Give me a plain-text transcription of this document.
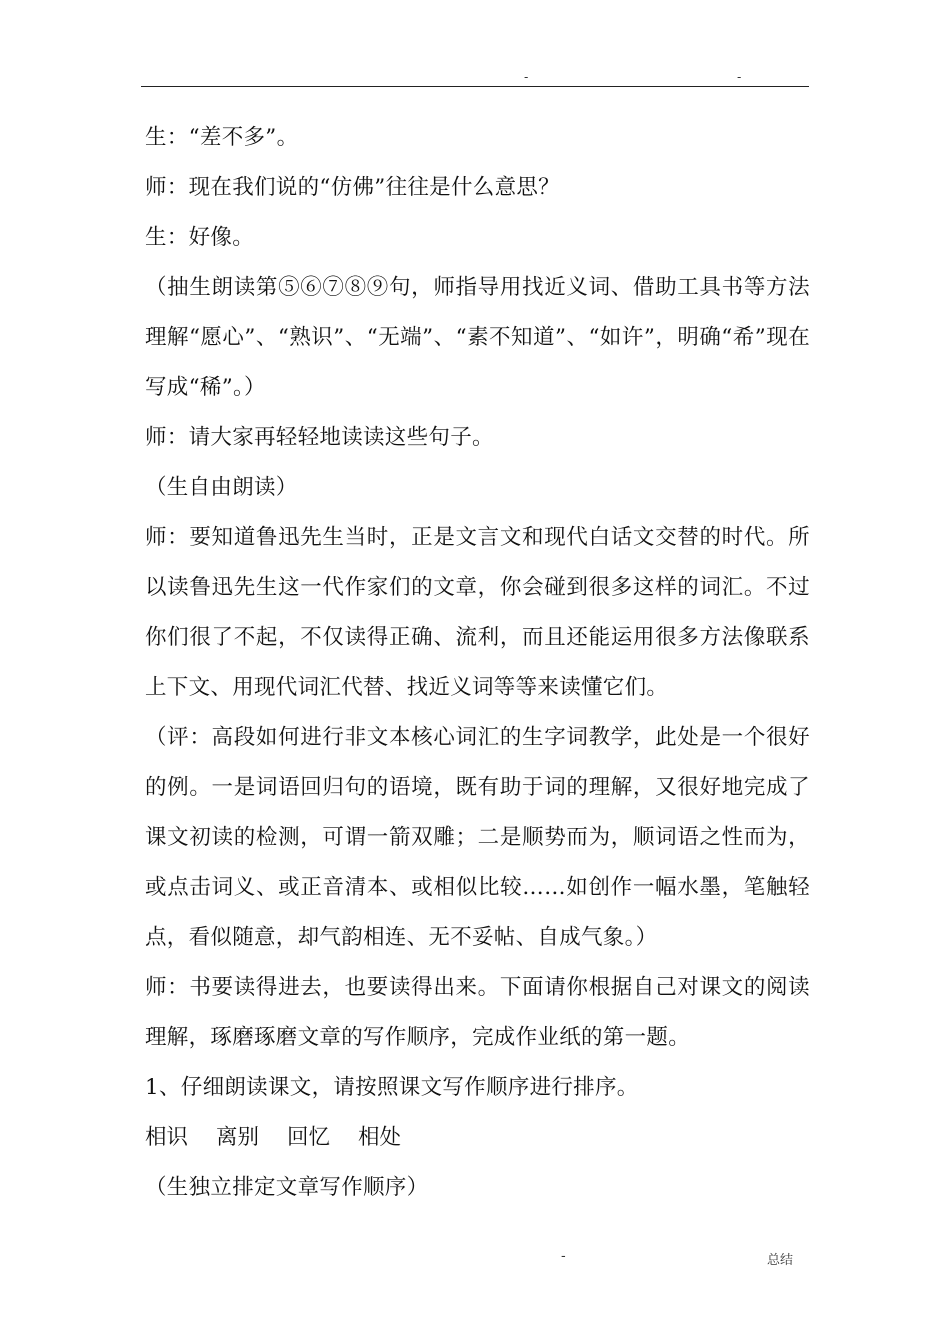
-	-

生：“差不多”。

师：现在我们说的“仿佛”往往是什么意思？

生：好像。

（抽生朗读第⑤⑥⑦⑧⑨句，师指导用找近义词、借助工具书等方法理解“愿心”、“熟识”、“无端”、“素不知道”、“如许”，明确“希”现在写成“稀”。）

师：请大家再轻轻地读读这些句子。

（生自由朗读）

师：要知道鲁迅先生当时，正是文言文和现代白话文交替的时代。所以读鲁迅先生这一代作家们的文章，你会碰到很多这样的词汇。不过你们很了不起，不仅读得正确、流利，而且还能运用很多方法像联系上下文、用现代词汇代替、找近义词等等来读懂它们。

（评：高段如何进行非文本核心词汇的生字词教学，此处是一个很好的例。一是词语回归句的语境，既有助于词的理解，又很好地完成了课文初读的检测，可谓一箭双雕；二是顺势而为，顺词语之性而为，或点击词义、或正音清本、或相似比较……如创作一幅水墨，笔触轻点，看似随意，却气韵相连、无不妥帖、自成气象。）

师：书要读得进去，也要读得出来。下面请你根据自己对课文的阅读理解，琢磨琢磨文章的写作顺序，完成作业纸的第一题。

1、仔细朗读课文，请按照课文写作顺序进行排序。

相识 离别 回忆 相处

（生独立排定文章写作顺序）

-	总结
